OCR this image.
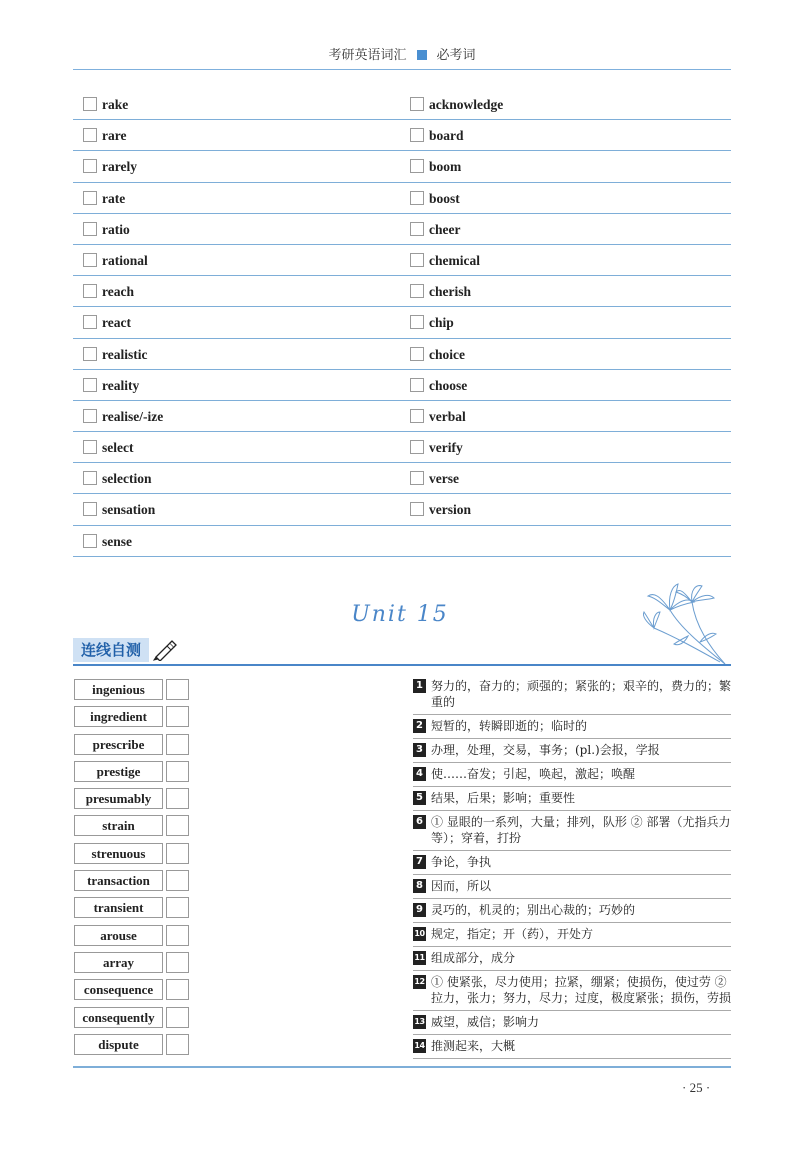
考研英语词汇 必考词
rake	acknowledge
rare	board
rarely	boom
rate	boost
ratio	cheer
rational	chemical
reach	cherish
react	chip
realistic	choice
reality	choose
realise/-ize	verbal
select	verify
selection	verse
sensation	version
sense
Unit 15
连线自测
ingenious
ingredient
prescribe
prestige
presumably
strain
strenuous
transaction
transient
arouse
array
consequence
consequently
dispute
1 努力的，奋力的；顽强的；紧张的；艰辛的，费力的；繁重的
2 短暂的，转瞬即逝的；临时的
3 办理，处理，交易，事务；(pl.)会报，学报
4 使……奋发；引起，唤起，激起；唤醒
5 结果，后果；影响；重要性
6 ① 显眼的一系列，大量；排列，队形 ② 部署（尤指兵力等）；穿着，打扮
7 争论，争执
8 因而，所以
9 灵巧的，机灵的；别出心裁的；巧妙的
10 规定，指定；开（药），开处方
11 组成部分，成分
12 ① 使紧张，尽力使用；拉紧，绷紧；使损伤，使过劳 ② 拉力，张力；努力，尽力；过度，极度紧张；损伤，劳损
13 威望，威信；影响力
14 推测起来，大概
· 25 ·
